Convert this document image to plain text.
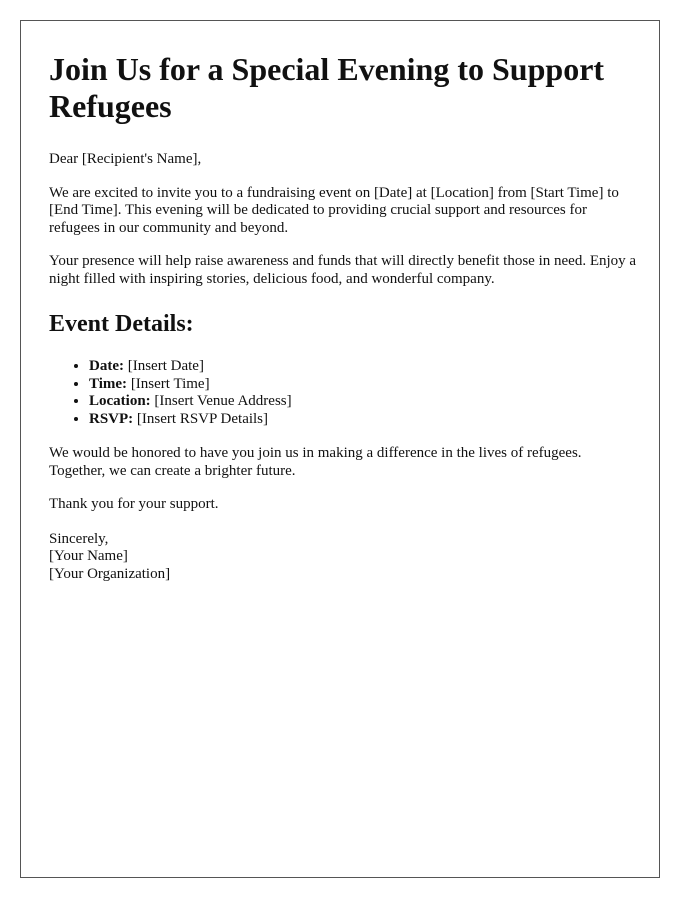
Join Us for a Special Evening to Support Refugees

Dear [Recipient's Name],

We are excited to invite you to a fundraising event on [Date] at [Location] from [Start Time] to [End Time]. This evening will be dedicated to providing crucial support and resources for refugees in our community and beyond.

Your presence will help raise awareness and funds that will directly benefit those in need. Enjoy a night filled with inspiring stories, delicious food, and wonderful company.

Event Details:
• Date: [Insert Date]
• Time: [Insert Time]
• Location: [Insert Venue Address]
• RSVP: [Insert RSVP Details]

We would be honored to have you join us in making a difference in the lives of refugees. Together, we can create a brighter future.

Thank you for your support.

Sincerely,

[Your Name]

[Your Organization]
